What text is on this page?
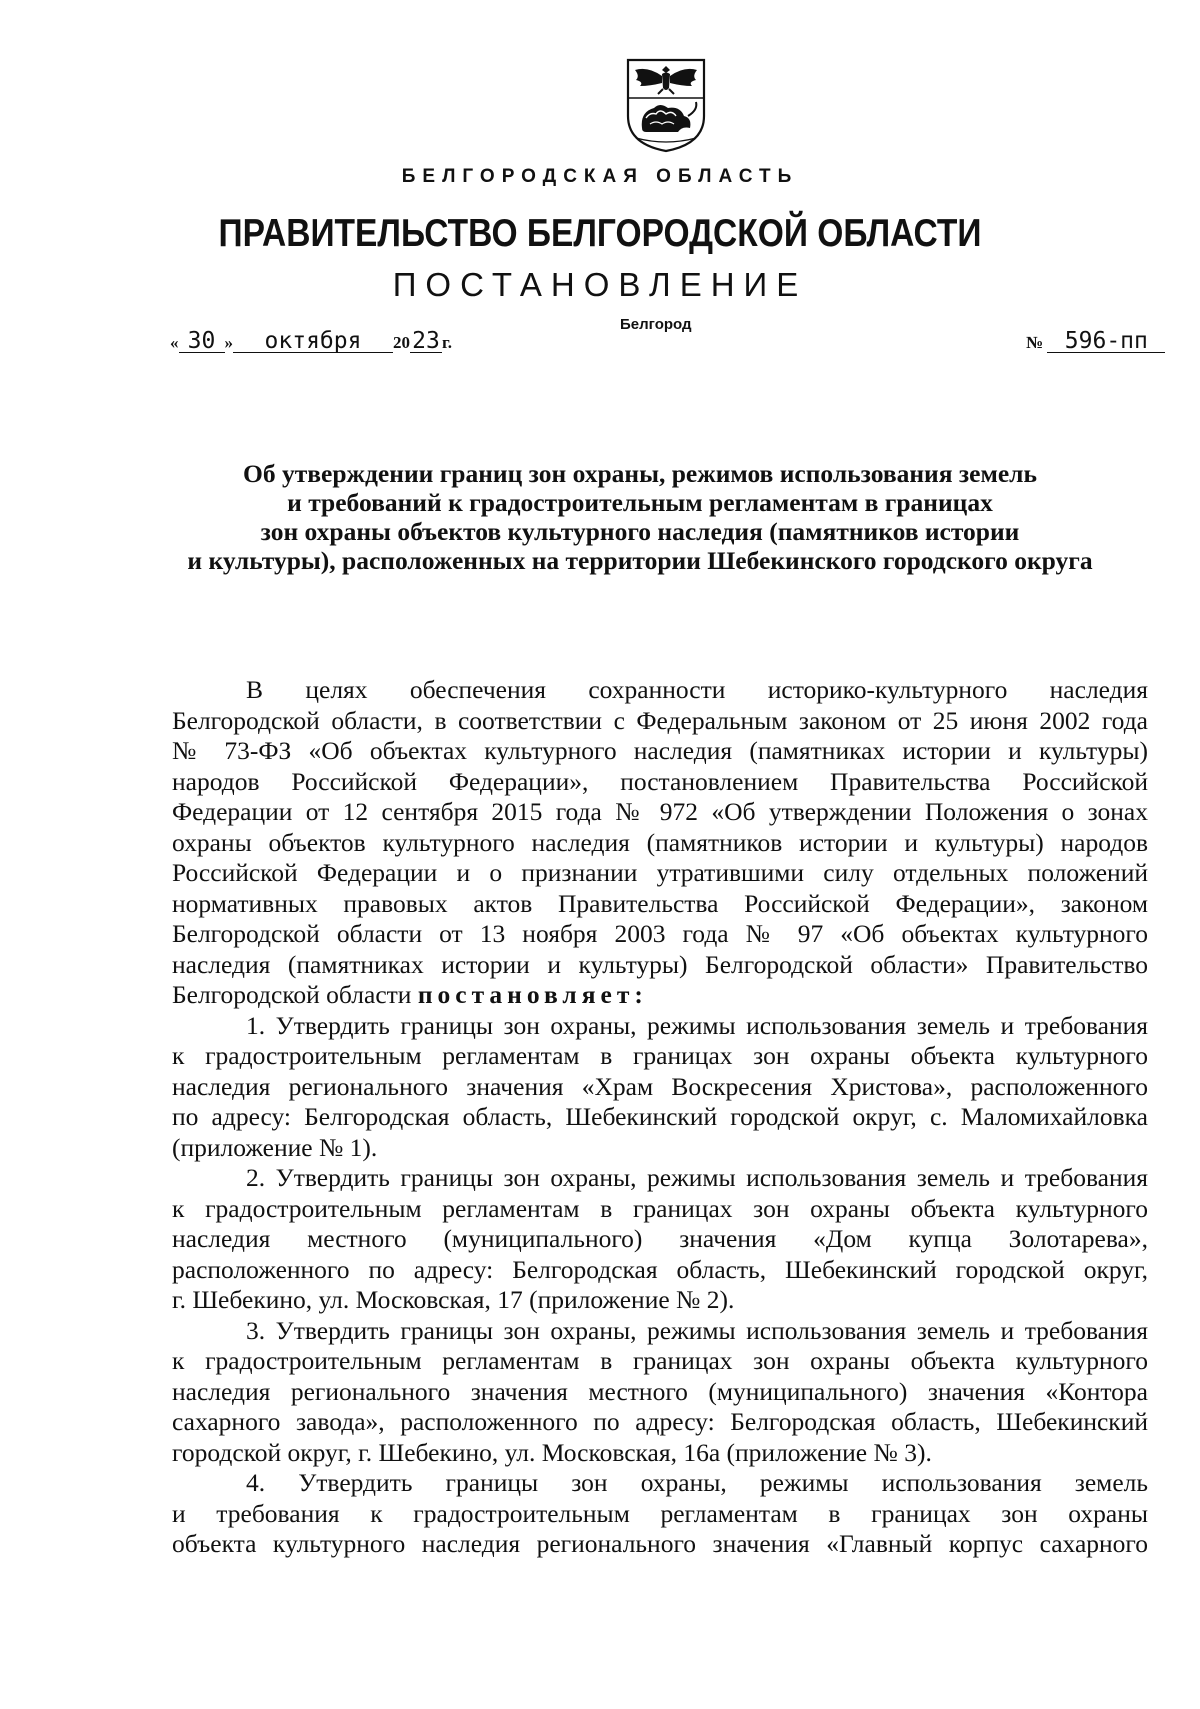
БЕЛГОРОДСКАЯ ОБЛАСТЬ
ПРАВИТЕЛЬСТВО БЕЛГОРОДСКОЙ ОБЛАСТИ
ПОСТАНОВЛЕНИЕ
Белгород
« 30 » октября 2023 г.	№ 596-пп
Об утверждении границ зон охраны, режимов использования земель
и требований к градостроительным регламентам в границах
зон охраны объектов культурного наследия (памятников истории
и культуры), расположенных на территории Шебекинского городского округа
В целях обеспечения сохранности историко-культурного наследия
Белгородской области, в соответствии с Федеральным законом от 25 июня 2002 года
№ 73-ФЗ «Об объектах культурного наследия (памятниках истории и культуры)
народов Российской Федерации», постановлением Правительства Российской
Федерации от 12 сентября 2015 года № 972 «Об утверждении Положения о зонах
охраны объектов культурного наследия (памятников истории и культуры) народов
Российской Федерации и о признании утратившими силу отдельных положений
нормативных правовых актов Правительства Российской Федерации», законом
Белгородской области от 13 ноября 2003 года № 97 «Об объектах культурного
наследия (памятниках истории и культуры) Белгородской области» Правительство
Белгородской области постановляет:
1. Утвердить границы зон охраны, режимы использования земель и требования
к градостроительным регламентам в границах зон охраны объекта культурного
наследия регионального значения «Храм Воскресения Христова», расположенного
по адресу: Белгородская область, Шебекинский городской округ, с. Маломихайловка
(приложение № 1).
2. Утвердить границы зон охраны, режимы использования земель и требования
к градостроительным регламентам в границах зон охраны объекта культурного
наследия местного (муниципального) значения «Дом купца Золотарева»,
расположенного по адресу: Белгородская область, Шебекинский городской округ,
г. Шебекино, ул. Московская, 17 (приложение № 2).
3. Утвердить границы зон охраны, режимы использования земель и требования
к градостроительным регламентам в границах зон охраны объекта культурного
наследия регионального значения местного (муниципального) значения «Контора
сахарного завода», расположенного по адресу: Белгородская область, Шебекинский
городской округ, г. Шебекино, ул. Московская, 16а (приложение № 3).
4. Утвердить границы зон охраны, режимы использования земель
и требования к градостроительным регламентам в границах зон охраны
объекта культурного наследия регионального значения «Главный корпус сахарного
